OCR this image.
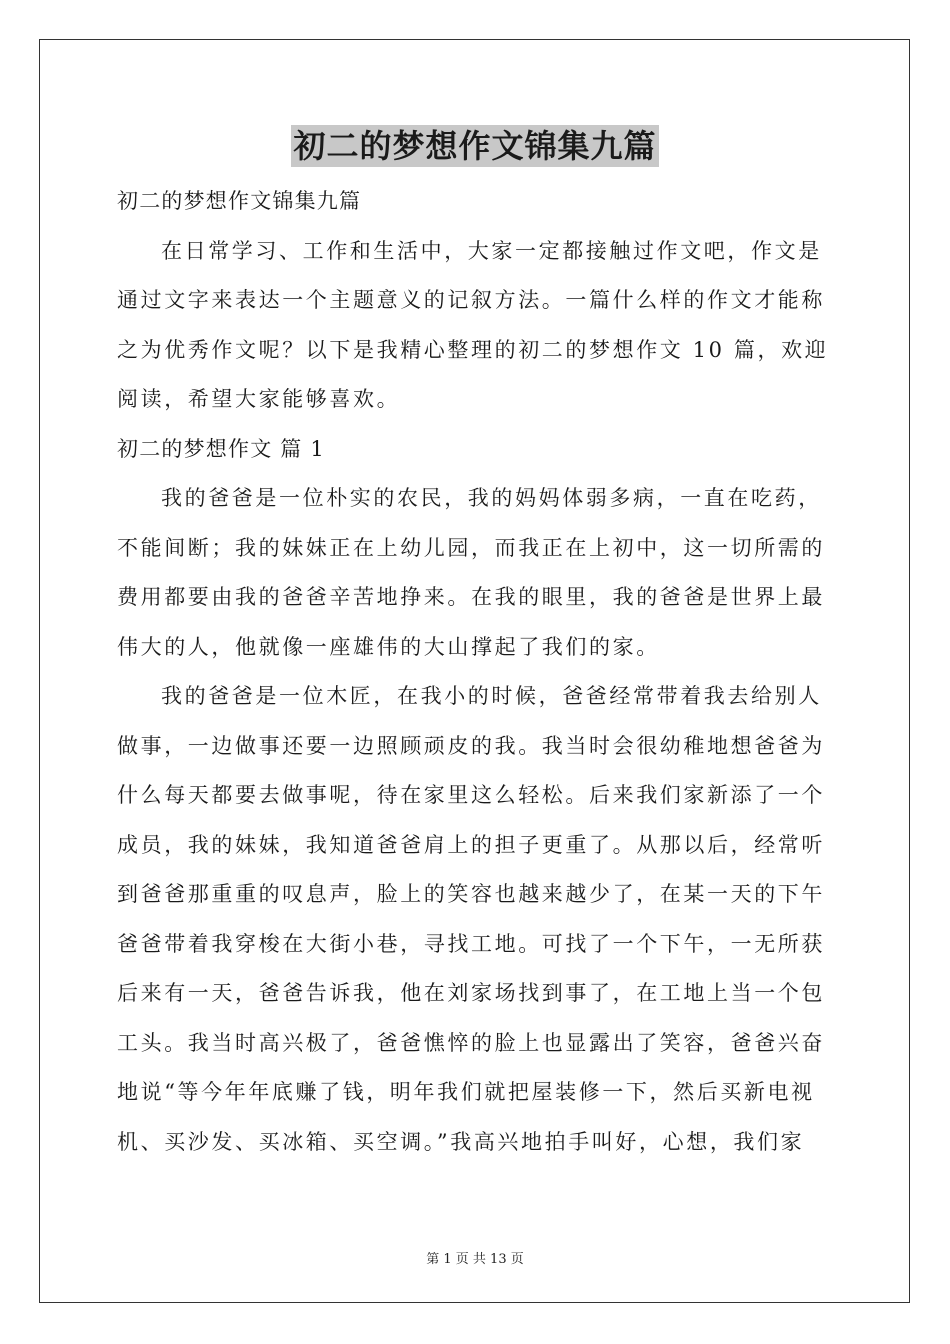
初二的梦想作文锦集九篇
初二的梦想作文锦集九篇
在日常学习、工作和生活中，大家一定都接触过作文吧，作文是
通过文字来表达一个主题意义的记叙方法。一篇什么样的作文才能称
之为优秀作文呢？以下是我精心整理的初二的梦想作文 10 篇，欢迎
阅读，希望大家能够喜欢。
初二的梦想作文 篇 1
我的爸爸是一位朴实的农民，我的妈妈体弱多病，一直在吃药，
不能间断；我的妹妹正在上幼儿园，而我正在上初中，这一切所需的
费用都要由我的爸爸辛苦地挣来。在我的眼里，我的爸爸是世界上最
伟大的人，他就像一座雄伟的大山撑起了我们的家。
我的爸爸是一位木匠，在我小的时候，爸爸经常带着我去给别人
做事，一边做事还要一边照顾顽皮的我。我当时会很幼稚地想爸爸为
什么每天都要去做事呢，待在家里这么轻松。后来我们家新添了一个
成员，我的妹妹，我知道爸爸肩上的担子更重了。从那以后，经常听
到爸爸那重重的叹息声，脸上的笑容也越来越少了，在某一天的下午
爸爸带着我穿梭在大街小巷，寻找工地。可找了一个下午，一无所获
后来有一天，爸爸告诉我，他在刘家场找到事了，在工地上当一个包
工头。我当时高兴极了，爸爸憔悴的脸上也显露出了笑容，爸爸兴奋
地说“等今年年底赚了钱，明年我们就把屋装修一下，然后买新电视
机、买沙发、买冰箱、买空调。”我高兴地拍手叫好，心想，我们家
第 1 页 共 13 页
